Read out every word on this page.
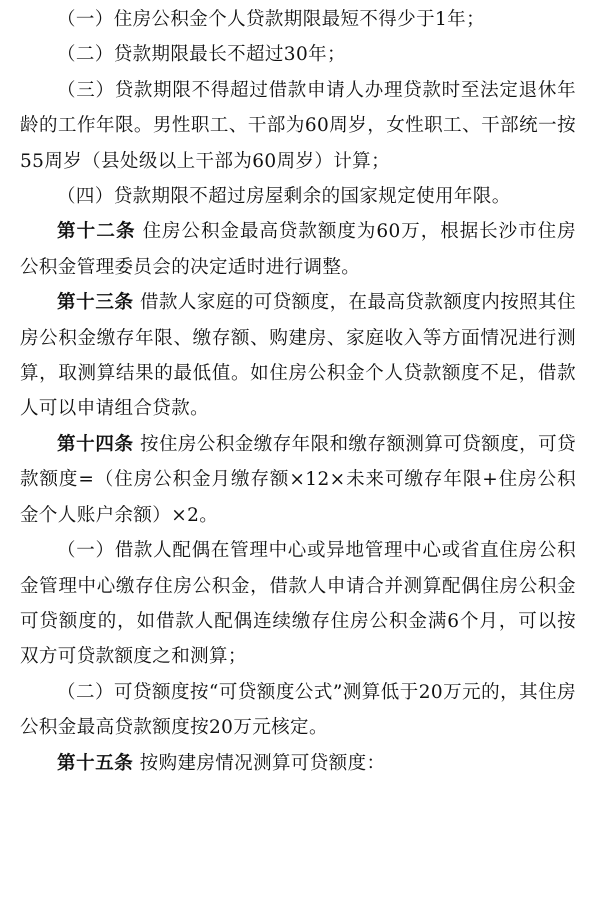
（一）住房公积金个人贷款期限最短不得少于1年；

（二）贷款期限最长不超过30年；

（三）贷款期限不得超过借款申请人办理贷款时至法定退休年龄的工作年限。男性职工、干部为60周岁，女性职工、干部统一按55周岁（县处级以上干部为60周岁）计算；

（四）贷款期限不超过房屋剩余的国家规定使用年限。

第十二条 住房公积金最高贷款额度为60万，根据长沙市住房公积金管理委员会的决定适时进行调整。

第十三条 借款人家庭的可贷额度，在最高贷款额度内按照其住房公积金缴存年限、缴存额、购建房、家庭收入等方面情况进行测算，取测算结果的最低值。如住房公积金个人贷款额度不足，借款人可以申请组合贷款。

第十四条 按住房公积金缴存年限和缴存额测算可贷额度，可贷款额度=（住房公积金月缴存额×12×未来可缴存年限+住房公积金个人账户余额）×2。

（一）借款人配偶在管理中心或异地管理中心或省直住房公积金管理中心缴存住房公积金，借款人申请合并测算配偶住房公积金可贷额度的，如借款人配偶连续缴存住房公积金满6个月，可以按双方可贷款额度之和测算；

（二）可贷额度按“可贷额度公式”测算低于20万元的，其住房公积金最高贷款额度按20万元核定。

第十五条 按购建房情况测算可贷额度：
